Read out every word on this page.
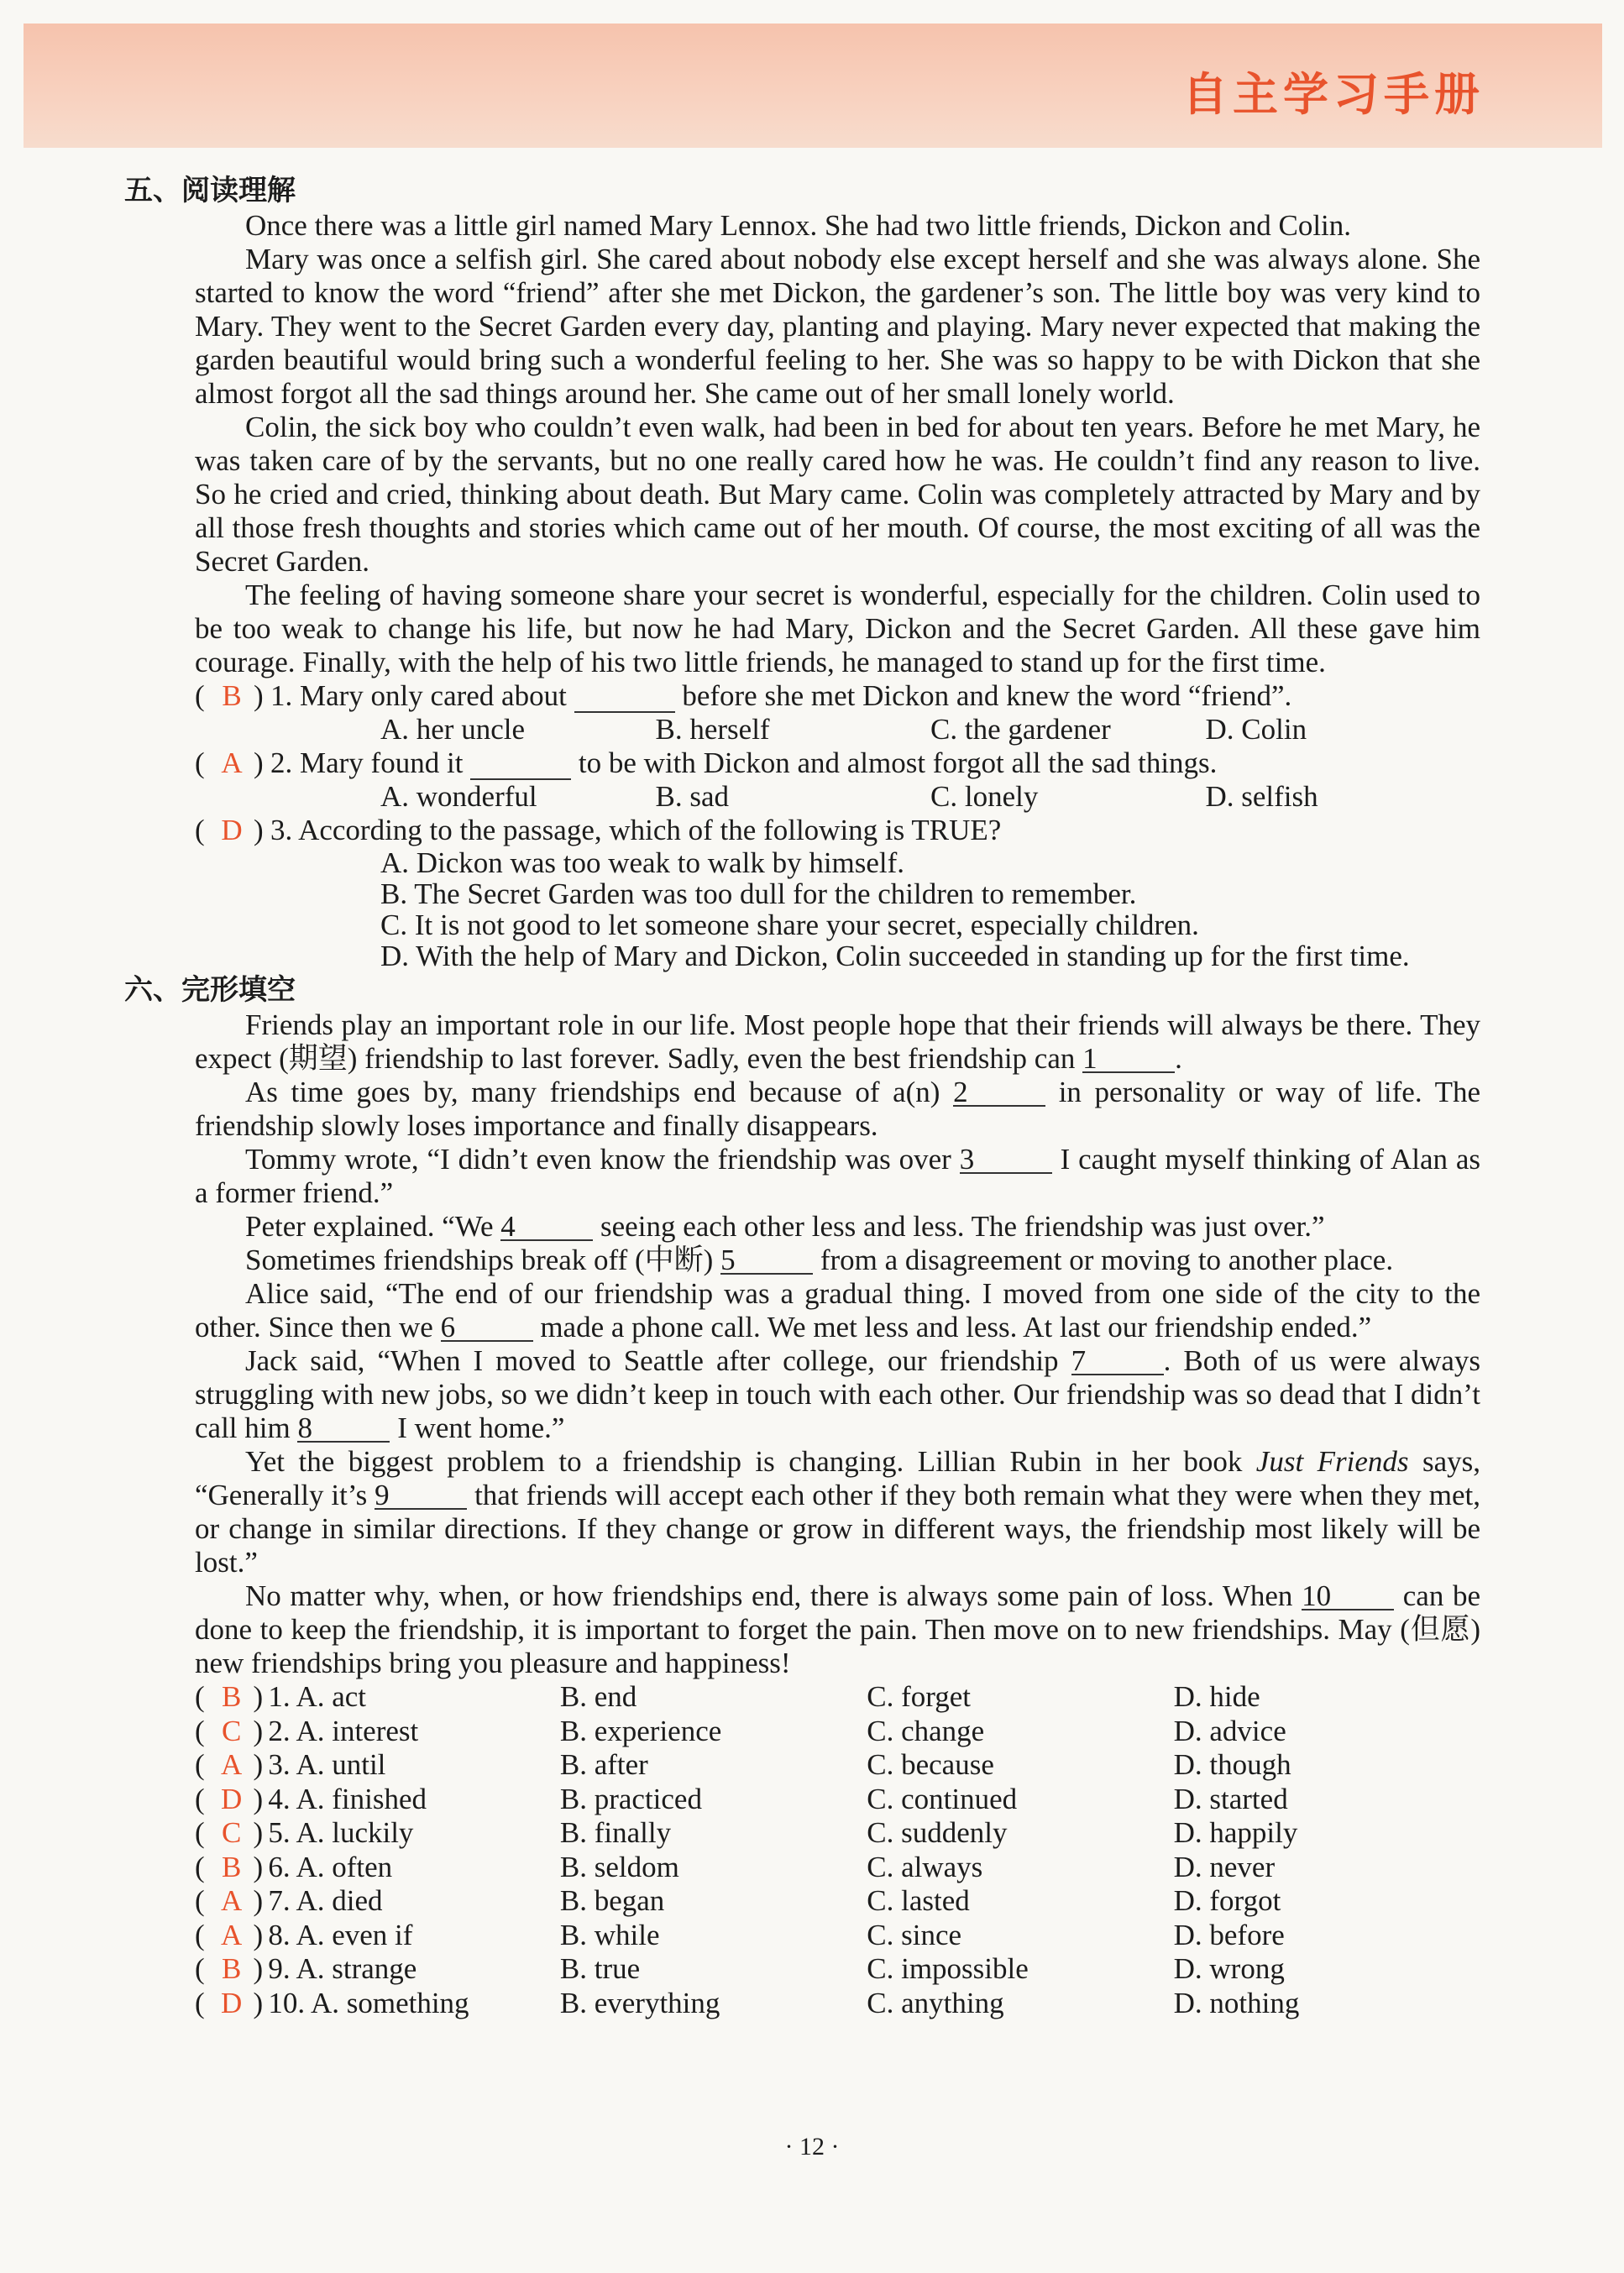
自主学习手册
五、阅读理解

Once there was a little girl named Mary Lennox. She had two little friends, Dickon and Colin.

Mary was once a selfish girl. She cared about nobody else except herself and she was always alone. She started to know the word “friend” after she met Dickon, the gardener’s son. The little boy was very kind to Mary. They went to the Secret Garden every day, planting and playing. Mary never expected that making the garden beautiful would bring such a wonderful feeling to her. She was so happy to be with Dickon that she almost forgot all the sad things around her. She came out of her small lonely world.

Colin, the sick boy who couldn’t even walk, had been in bed for about ten years. Before he met Mary, he was taken care of by the servants, but no one really cared how he was. He couldn’t find any reason to live. So he cried and cried, thinking about death. But Mary came. Colin was completely attracted by Mary and by all those fresh thoughts and stories which came out of her mouth. Of course, the most exciting of all was the Secret Garden.

The feeling of having someone share your secret is wonderful, especially for the children. Colin used to be too weak to change his life, but now he had Mary, Dickon and the Secret Garden. All these gave him courage. Finally, with the help of his two little friends, he managed to stand up for the first time.

( B ) 1. Mary only cared about

	before she met Dickon and knew the word “friend”.
A. her uncle	B. herself	C. the gardener	D. Colin
( A ) 2. Mary found it

	to be with Dickon and almost forgot all the sad things.
A. wonderful	B. sad	C. lonely	D. selfish
( D ) 3. According to the passage, which of the following is TRUE?
A. Dickon was too weak to walk by himself.
B. The Secret Garden was too dull for the children to remember.
C. It is not good to let someone share your secret, especially children.
D. With the help of Mary and Dickon, Colin succeeded in standing up for the first time.
六、完形填空

Friends play an important role in our life. Most people hope that their friends will always be there. They expect (期望) friendship to last forever. Sadly, even the best friendship can 1	.

As time goes by, many friendships end because of a(n) 2	in personality or way of life. The friendship slowly loses importance and finally disappears.

Tommy wrote, “I didn’t even know the friendship was over 3	I caught myself thinking of Alan as a former friend.”

Peter explained. “We 4	seeing each other less and less. The friendship was just over.”

Sometimes friendships break off (中断) 5	from a disagreement or moving to another place.

Alice said, “The end of our friendship was a gradual thing. I moved from one side of the city to the other. Since then we 6	made a phone call. We met less and less. At last our friendship ended.”

Jack said, “When I moved to Seattle after college, our friendship 7	. Both of us were always struggling with new jobs, so we didn’t keep in touch with each other. Our friendship was so dead that I didn’t call him 8	I went home.”

Yet the biggest problem to a friendship is changing. Lillian Rubin in her book Just Friends says, “Generally it’s 9	that friends will accept each other if they both remain what they were when they met, or change in similar directions. If they change or grow in different ways, the friendship most likely will be lost.”

No matter why, when, or how friendships end, there is always some pain of loss. When 10 can be done to keep the friendship, it is important to forget the pain. Then move on to new friendships. May (但愿) new friendships bring you pleasure and happiness!

( B ) 1. A. act	B. end	C. forget	D. hide
( C ) 2. A. interest	B. experience	C. change	D. advice
( A ) 3. A. until	B. after	C. because	D. though
( D ) 4. A. finished	B. practiced	C. continued	D. started
( C ) 5. A. luckily	B. finally	C. suddenly	D. happily
( B ) 6. A. often	B. seldom	C. always	D. never
( A ) 7. A. died	B. began	C. lasted	D. forgot
( A ) 8. A. even if	B. while	C. since	D. before
( B ) 9. A. strange	B. true	C. impossible	D. wrong
( D ) 10. A. something	B. everything	C. anything	D. nothing
· 12 ·
